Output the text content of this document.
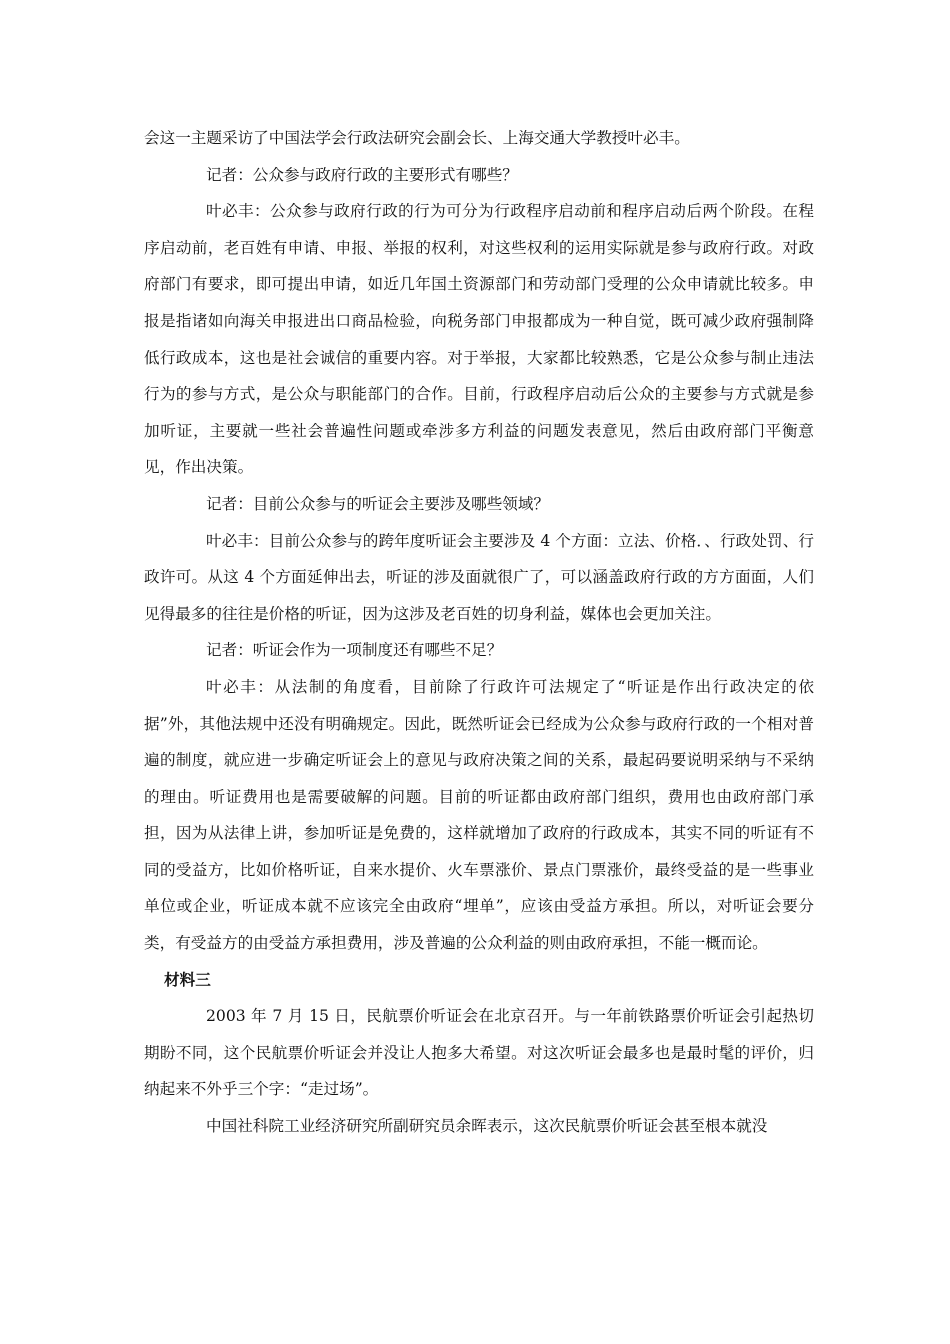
会这一主题采访了中国法学会行政法研究会副会长、上海交通大学教授叶必丰。

记者：公众参与政府行政的主要形式有哪些？

叶必丰：公众参与政府行政的行为可分为行政程序启动前和程序启动后两个阶段。在程序启动前，老百姓有申请、申报、举报的权利，对这些权利的运用实际就是参与政府行政。对政府部门有要求，即可提出申请，如近几年国土资源部门和劳动部门受理的公众申请就比较多。申报是指诸如向海关申报进出口商品检验，向税务部门申报都成为一种自觉，既可减少政府强制降低行政成本，这也是社会诚信的重要内容。对于举报，大家都比较熟悉，它是公众参与制止违法行为的参与方式，是公众与职能部门的合作。目前，行政程序启动后公众的主要参与方式就是参加听证，主要就一些社会普遍性问题或牵涉多方利益的问题发表意见，然后由政府部门平衡意见，作出决策。

记者：目前公众参与的听证会主要涉及哪些领域？

叶必丰：目前公众参与的跨年度听证会主要涉及 4 个方面：立法、价格．、行政处罚、行政许可。从这 4 个方面延伸出去，听证的涉及面就很广了，可以涵盖政府行政的方方面面，人们见得最多的往往是价格的听证，因为这涉及老百姓的切身利益，媒体也会更加关注。

记者：听证会作为一项制度还有哪些不足？

叶必丰：从法制的角度看，目前除了行政许可法规定了“听证是作出行政决定的依据”外，其他法规中还没有明确规定。因此，既然听证会已经成为公众参与政府行政的一个相对普遍的制度，就应进一步确定听证会上的意见与政府决策之间的关系，最起码要说明采纳与不采纳的理由。听证费用也是需要破解的问题。目前的听证都由政府部门组织，费用也由政府部门承担，因为从法律上讲，参加听证是免费的，这样就增加了政府的行政成本，其实不同的听证有不同的受益方，比如价格听证，自来水提价、火车票涨价、景点门票涨价，最终受益的是一些事业单位或企业，听证成本就不应该完全由政府“埋单”，应该由受益方承担。所以，对听证会要分类，有受益方的由受益方承担费用，涉及普遍的公众利益的则由政府承担，不能一概而论。

材料三

2003 年 7 月 15 日，民航票价听证会在北京召开。与一年前铁路票价听证会引起热切期盼不同，这个民航票价听证会并没让人抱多大希望。对这次听证会最多也是最时髦的评价，归纳起来不外乎三个字：“走过场”。

中国社科院工业经济研究所副研究员余晖表示，这次民航票价听证会甚至根本就没
